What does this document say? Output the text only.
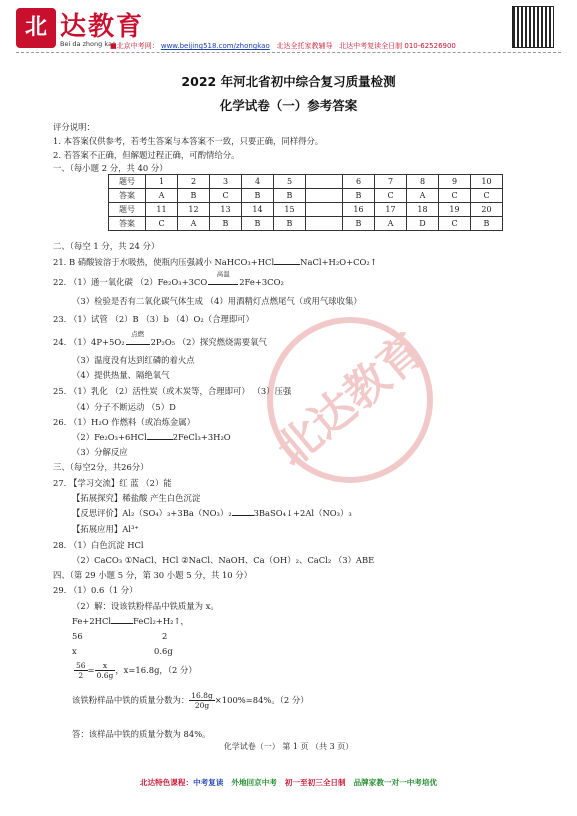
北 达教育
Bei da zhong kao
■北京中考网： www.beijing518.com/zhongkao 北达全托家教辅导 北达中考复读全日制 010-62526900
2022 年河北省初中综合复习质量检测
化学试卷（一）参考答案
评分说明：
1. 本答案仅供参考，若考生答案与本答案不一致，只要正确，同样得分。
2. 若答案不正确，但解题过程正确，可酌情给分。
一、（每小题 2 分，共 40 分）
题号	1	2	3	4	5		6	7	8	9	10
答案	A	B	C	B	B		B	C	A	C	C
题号	11	12	13	14	15		16	17	18	19	20
答案	C	A	B	B	B		B	A	D	C	B
二、（每空 1 分，共 24 分）
21. B 硝酸铵溶于水吸热，使瓶内压强减小 NaHCO₃+HCl	NaCl+H₂O+CO₂↑
22. （1）通一氧化碳 （2）Fe₂O₃+3CO
高温
2Fe+3CO₂
（3）检验是否有二氧化碳气体生成 （4）用酒精灯点燃尾气（或用气球收集）
23. （1）试管 （2）B （3）b （4）O₂（合理即可）
24. （1）4P+5O₂
点燃
2P₂O₅ （2）探究燃烧需要氧气
（3）温度没有达到红磷的着火点
（4）提供热量、隔绝氧气
25. （1）乳化 （2）活性炭（或木炭等，合理即可） （3）压强
（4）分子不断运动 （5）D
26. （1）H₂O 作燃料（或冶炼金属）
（2）Fe₂O₃+6HCl	2FeCl₃+3H₂O
（3）分解反应
三、（每空2分，共26分）
27. 【学习交流】红 蓝 （2）能
【拓展探究】稀盐酸 产生白色沉淀
【反思评价】Al₂（SO₄）₃+3Ba（NO₃）₂	3BaSO₄↓+2Al（NO₃）₃
【拓展应用】Al³⁺
28. （1）白色沉淀 HCl
（2）CaCO₃ ①NaCl、HCl ②NaCl、NaOH、Ca（OH）₂、CaCl₂ （3）ABE
四、（第 29 小题 5 分，第 30 小题 5 分，共 10 分）
29. （1）0.6（1 分）
（2）解：设该铁粉样品中铁质量为 x。
Fe+2HCl	FeCl₂+H₂↑，
56	2
x	0.6g
$\frac{56}{2} = \frac{x}{0.6g}$ ，x=16.8g，（2 分）
该铁粉样品中铁的质量分数为： $\frac{16.8g}{20g} \times 100\%=84\%$。（2 分）
答：该样品中铁的质量分数为 84%。
北达教育
化学试卷（一） 第 1 页 （共 3 页）
北达特色课程：中考复读 外地回京中考 初一至初三全日制 品牌家教一对一中考培优
